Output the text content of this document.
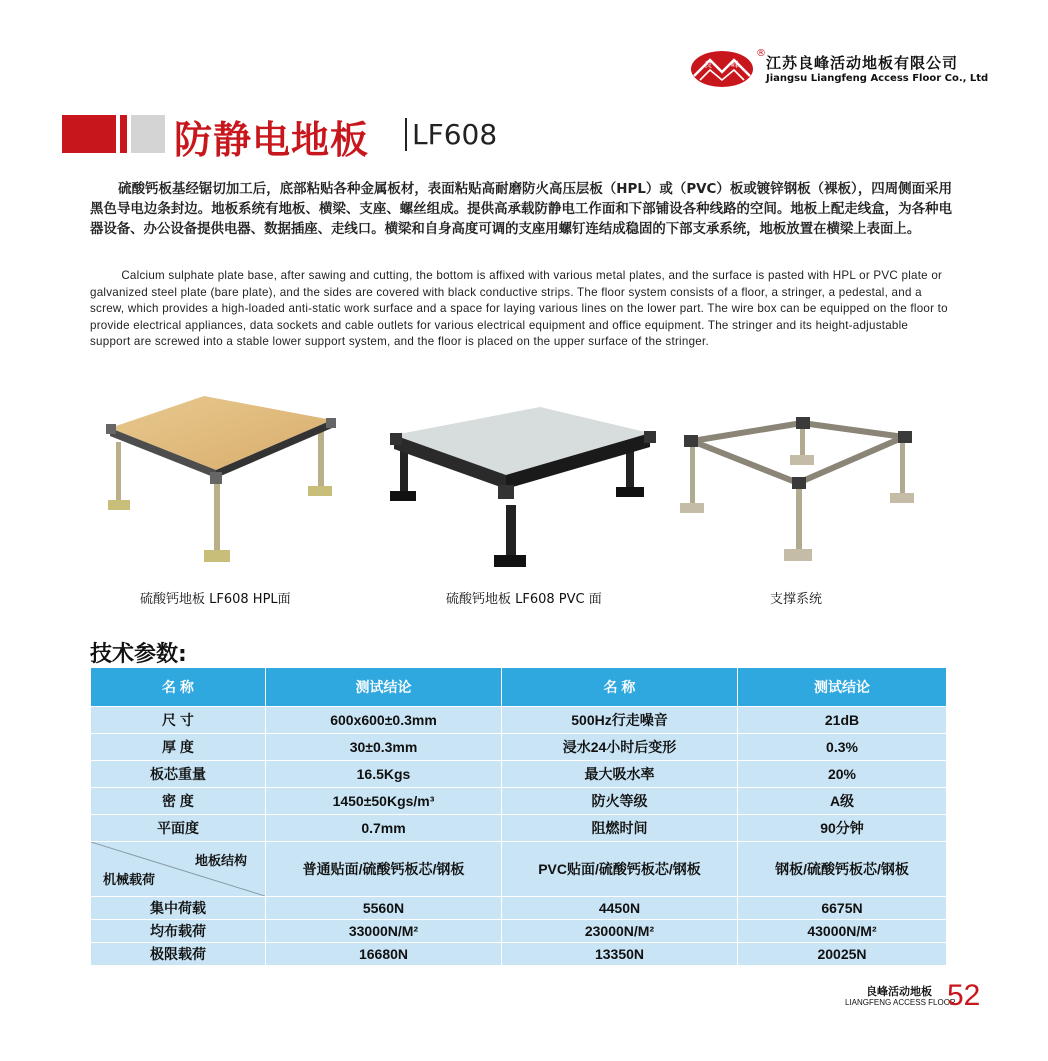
良 峰
®
江苏良峰活动地板有限公司
Jiangsu Liangfeng Access Floor Co., Ltd
防静电地板 LF608

硫酸钙板基经锯切加工后，底部粘贴各种金属板材，表面粘贴高耐磨防火高压层板（HPL）或（PVC）板或镀锌钢板（裸板），四周侧面采用黑色导电边条封边。地板系统有地板、横梁、支座、螺丝组成。提供高承载防静电工作面和下部铺设各种线路的空间。地板上配走线盒，为各种电器设备、办公设备提供电器、数据插座、走线口。横梁和自身高度可调的支座用螺钉连结成稳固的下部支承系统，地板放置在横梁上表面上。

Calcium sulphate plate base, after sawing and cutting, the bottom is affixed with various metal plates, and the surface is pasted with HPL or PVC plate or galvanized steel plate (bare plate), and the sides are covered with black conductive strips. The floor system consists of a floor, a stringer, a pedestal, and a screw, which provides a high-loaded anti-static work surface and a space for laying various lines on the lower part. The wire box can be equipped on the floor to provide electrical appliances, data sockets and cable outlets for various electrical equipment and office equipment. The stringer and its height-adjustable support are screwed into a stable lower support system, and the floor is placed on the upper surface of the stringer.

硫酸钙地板 LF608 HPL面	硫酸钙地板 LF608 PVC 面	支撑系统
技术参数:
名 称	测试结论	名 称	测试结论
尺 寸	600x600±0.3mm	500Hz行走噪音	21dB
厚 度	30±0.3mm	浸水24小时后变形	0.3%
板芯重量	16.5Kgs	最大吸水率	20%
密 度	1450±50Kgs/m³	防火等级	A级
平面度	0.7mm	阻燃时间	90分钟

地板结构
机械载荷	普通贴面/硫酸钙板芯/钢板	PVC贴面/硫酸钙板芯/钢板	钢板/硫酸钙板芯/钢板
集中荷载	5560N	4450N	6675N
均布载荷	33000N/M²	23000N/M²	43000N/M²
极限载荷	16680N	13350N	20025N
良峰活动地板
LIANGFENG ACCESS FLOOR
52
